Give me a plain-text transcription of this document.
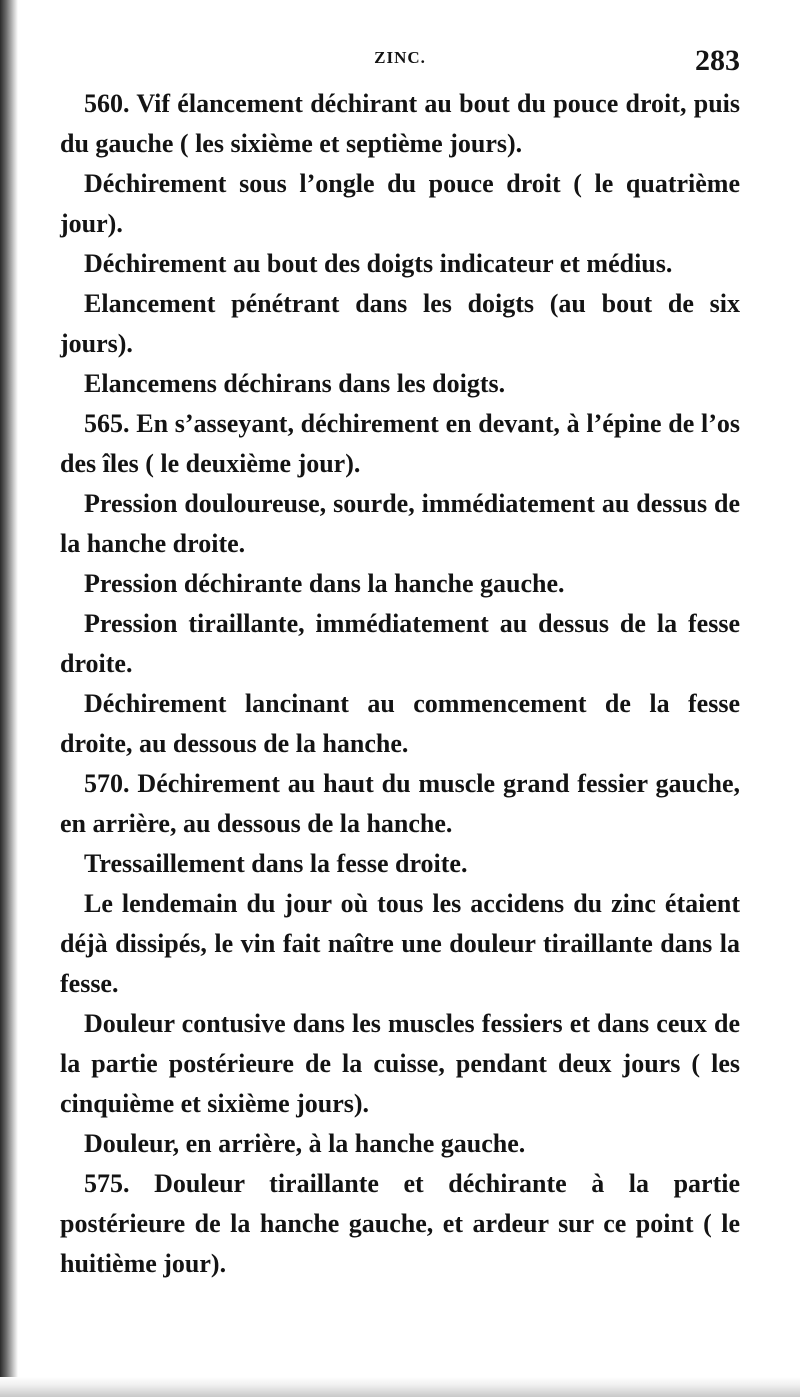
ZINC.	283

560. Vif élancement déchirant au bout du pouce droit, puis du gauche ( les sixième et septième jours).

Déchirement sous l’ongle du pouce droit ( le quatrième jour).

Déchirement au bout des doigts indicateur et médius.

Elancement pénétrant dans les doigts (au bout de six jours).

Elancemens déchirans dans les doigts.

565. En s’asseyant, déchirement en devant, à l’épine de l’os des îles ( le deuxième jour).

Pression douloureuse, sourde, immédiatement au dessus de la hanche droite.

Pression déchirante dans la hanche gauche.

Pression tiraillante, immédiatement au dessus de la fesse droite.

Déchirement lancinant au commencement de la fesse droite, au dessous de la hanche.

570. Déchirement au haut du muscle grand fessier gauche, en arrière, au dessous de la hanche.

Tressaillement dans la fesse droite.

Le lendemain du jour où tous les accidens du zinc étaient déjà dissipés, le vin fait naître une douleur tiraillante dans la fesse.

Douleur contusive dans les muscles fessiers et dans ceux de la partie postérieure de la cuisse, pendant deux jours ( les cinquième et sixième jours).

Douleur, en arrière, à la hanche gauche.

575. Douleur tiraillante et déchirante à la partie postérieure de la hanche gauche, et ardeur sur ce point ( le huitième jour).
